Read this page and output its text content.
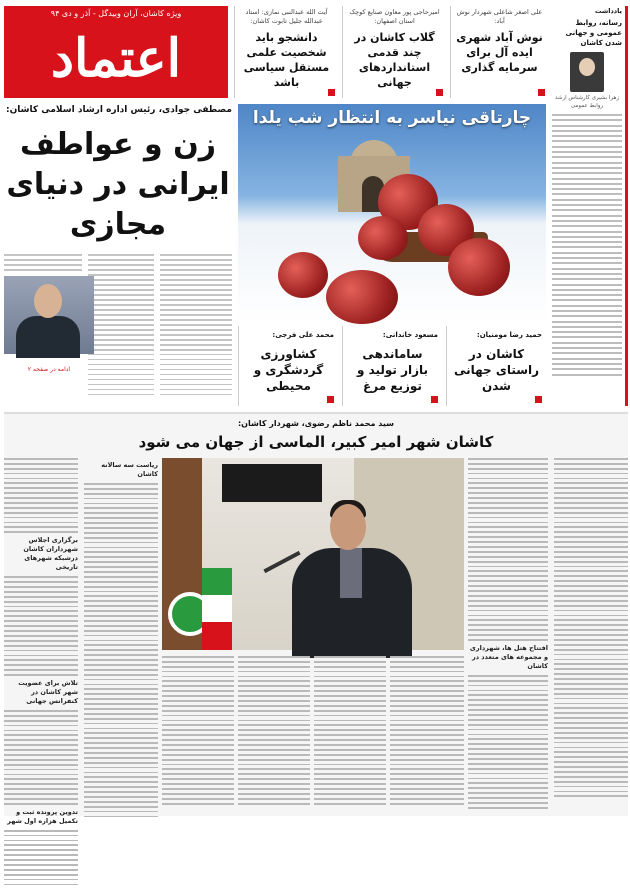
ویژه کاشان، آران وبیدگل - آذر و دی ۹۴
اعتماد
آیت الله عبدالنبی نمازی: استاد عبدالله جلیل تابوت کاشان:
دانشجو باید شخصیت علمی مستقل سیاسی باشد
امیرحاجی پور معاون صنایع کوچک استان اصفهان:
گلاب کاشان در چند قدمی استانداردهای جهانی
علی اصغر شاعلی شهردار نوش آباد:
نوش آباد شهری ایده آل برای سرمایه گذاری
یادداشت
رسانه، روابط عمومی و جهانی شدن کاشان
زهرا بشیری کارشناس ارشد روابط عمومی
مصطفی جوادی، رئیس اداره ارشاد اسلامی کاشان:
زن و عواطف
ایرانی در دنیای
مجازی
ادامه در صفحه ۲
چارتاقی نیاسر به انتظار شب یلدا
محمد علی فرجی:
کشاورزی گردشگری و محیطی
مسعود خاندانی:
ساماندهی بازار تولید و توزیع مرغ
حمید رضا مومنیان:
کاشان در راستای جهانی شدن
سید محمد ناظم رضوی، شهردار کاشان:
کاشان شهر امیر کبیر، الماسی از جهان می شود
افتتاح هتل ها، شهرداری و مجموعه های متعدد در کاشان
برگزاری اجلاس شهرداران کاشان درشبکه شهرهای تاریخی
تلاش برای عضویت شهر کاشان در کنفرانس جهانی
تدوین پرونده ثبت و تکمیل هزاره اول شهر
ریاست سه سالانه کاشان
